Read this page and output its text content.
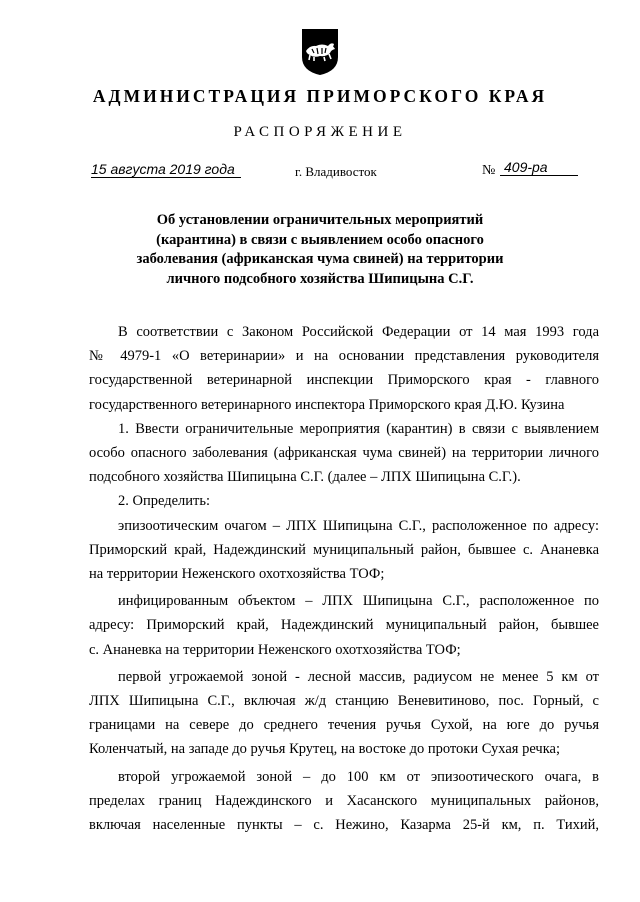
АДМИНИСТРАЦИЯ ПРИМОРСКОГО КРАЯ
РАСПОРЯЖЕНИЕ
15 августа 2019 года	г. Владивосток	№ 409-ра
Об установлении ограничительных мероприятий
(карантина) в связи с выявлением особо опасного
заболевания (африканская чума свиней) на территории
личного подсобного хозяйства Шипицына С.Г.
В соответствии с Законом Российской Федерации от 14 мая 1993 года
№ 4979-1 «О ветеринарии» и на основании представления руководителя
государственной ветеринарной инспекции Приморского края - главного
государственного ветеринарного инспектора Приморского края Д.Ю. Кузина
1. Ввести ограничительные мероприятия (карантин) в связи с выявлением
особо опасного заболевания (африканская чума свиней) на территории личного
подсобного хозяйства Шипицына С.Г. (далее – ЛПХ Шипицына С.Г.).
2. Определить:
эпизоотическим очагом – ЛПХ Шипицына С.Г., расположенное по адресу:
Приморский край, Надеждинский муниципальный район, бывшее с. Ананевка
на территории Неженского охотхозяйства ТОФ;
инфицированным объектом – ЛПХ Шипицына С.Г., расположенное по
адресу: Приморский край, Надеждинский муниципальный район, бывшее
с. Ананевка на территории Неженского охотхозяйства ТОФ;
первой угрожаемой зоной - лесной массив, радиусом не менее 5 км от
ЛПХ Шипицына С.Г., включая ж/д станцию Веневитиново, пос. Горный, с
границами на севере до среднего течения ручья Сухой, на юге до ручья
Коленчатый, на западе до ручья Крутец, на востоке до протоки Сухая речка;
второй угрожаемой зоной – до 100 км от эпизоотического очага, в
пределах границ Надеждинского и Хасанского муниципальных районов,
включая населенные пункты – с. Нежино, Казарма 25-й км, п. Тихий,
